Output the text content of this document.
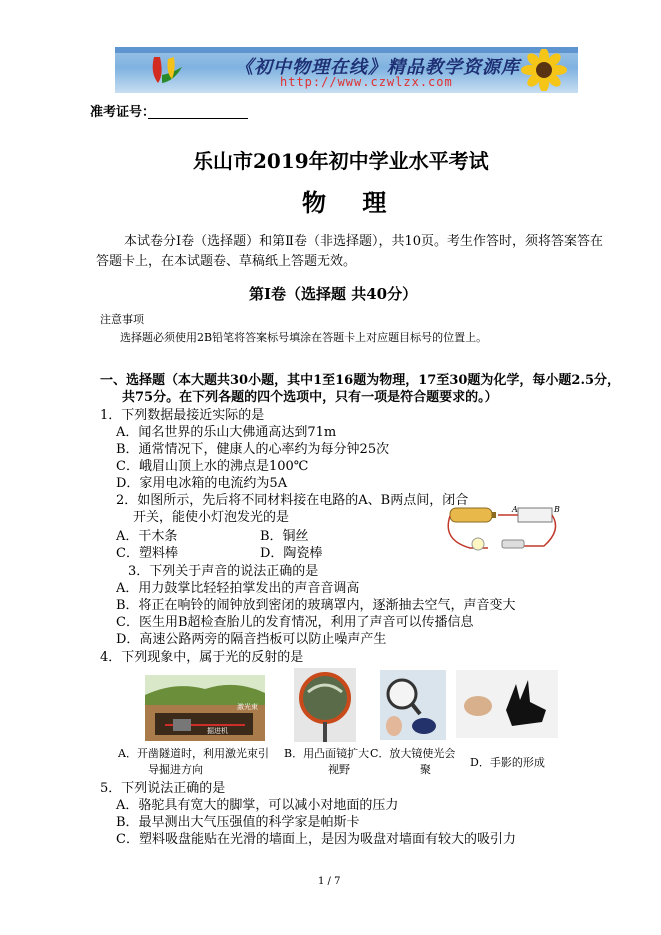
《初中物理在线》精品教学资源库
http://www.czwlzx.com
准考证号：
乐山市2019年初中学业水平考试
物 理
本试卷分Ⅰ卷（选择题）和第Ⅱ卷（非选择题），共10页。考生作答时，须将答案答在
答题卡上，在本试题卷、草稿纸上答题无效。
第Ⅰ卷（选择题 共40分）
注意事项
选择题必须使用2B铅笔将答案标号填涂在答题卡上对应题目标号的位置上。
一、选择题（本大题共30小题，其中1至16题为物理，17至30题为化学，每小题2.5分，
共75分。在下列各题的四个选项中，只有一项是符合题要求的。）
1．下列数据最接近实际的是
A．闻名世界的乐山大佛通高达到71m
B．通常情况下，健康人的心率约为每分钟25次
C．峨眉山顶上水的沸点是100℃
D．家用电冰箱的电流约为5A
2．如图所示，先后将不同材料接在电路的A、B两点间，闭合
开关，能使小灯泡发光的是
A．干木条	B．铜丝
C．塑料棒	D．陶瓷棒
A	B
3．下列关于声音的说法正确的是
A．用力鼓掌比轻轻拍掌发出的声音音调高
B．将正在响铃的闹钟放到密闭的玻璃罩内，逐渐抽去空气，声音变大
C．医生用B超检查胎儿的发育情况，利用了声音可以传播信息
D．高速公路两旁的隔音挡板可以防止噪声产生
4．下列现象中，属于光的反射的是
激光束
掘进机
A．开凿隧道时，利用激光束引
导掘进方向
B．用凸面镜扩大
视野
C．放大镜使光会
聚
D．手影的形成
5．下列说法正确的是
A．骆驼具有宽大的脚掌，可以减小对地面的压力
B．最早测出大气压强值的科学家是帕斯卡
C．塑料吸盘能贴在光滑的墙面上，是因为吸盘对墙面有较大的吸引力
1 / 7
